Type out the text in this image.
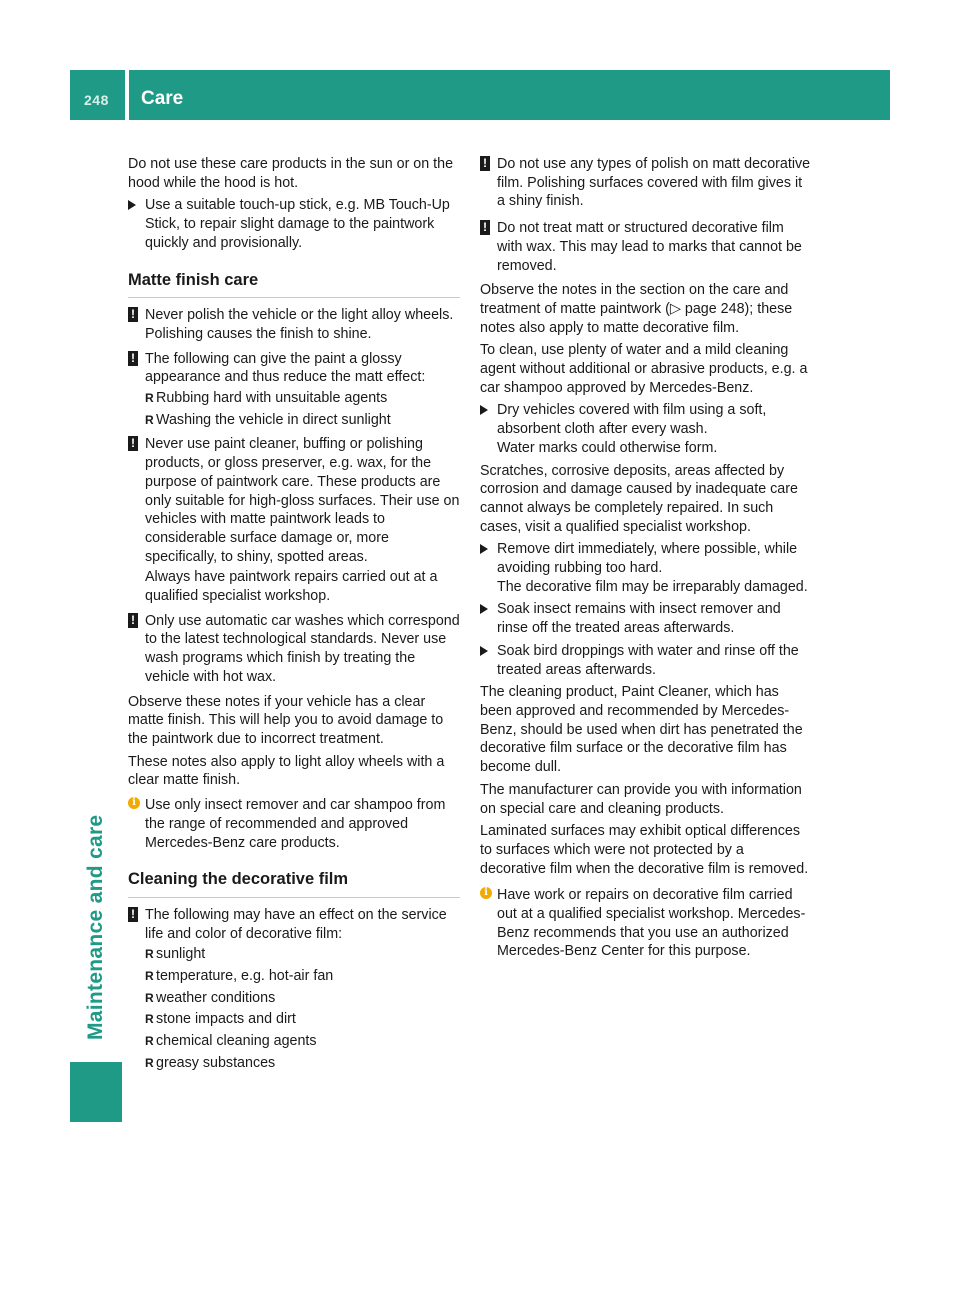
248 Care
Maintenance and care
Do not use these care products in the sun or on the hood while the hood is hot.
Use a suitable touch-up stick, e.g. MB Touch-Up Stick, to repair slight damage to the paintwork quickly and provisionally.
Matte finish care
! Never polish the vehicle or the light alloy wheels. Polishing causes the finish to shine.
! The following can give the paint a glossy appearance and thus reduce the matt effect:
R Rubbing hard with unsuitable agents
R Washing the vehicle in direct sunlight
! Never use paint cleaner, buffing or polishing products, or gloss preserver, e.g. wax, for the purpose of paintwork care. These products are only suitable for high-gloss surfaces. Their use on vehicles with matte paintwork leads to considerable surface damage or, more specifically, to shiny, spotted areas.
Always have paintwork repairs carried out at a qualified specialist workshop.
! Only use automatic car washes which correspond to the latest technological standards. Never use wash programs which finish by treating the vehicle with hot wax.
Observe these notes if your vehicle has a clear matte finish. This will help you to avoid damage to the paintwork due to incorrect treatment.
These notes also apply to light alloy wheels with a clear matte finish.
i Use only insect remover and car shampoo from the range of recommended and approved Mercedes-Benz care products.
Cleaning the decorative film
! The following may have an effect on the service life and color of decorative film:
R sunlight
R temperature, e.g. hot-air fan
R weather conditions
R stone impacts and dirt
R chemical cleaning agents
R greasy substances
! Do not use any types of polish on matt decorative film. Polishing surfaces covered with film gives it a shiny finish.
! Do not treat matt or structured decorative film with wax. This may lead to marks that cannot be removed.
Observe the notes in the section on the care and treatment of matte paintwork (▷ page 248); these notes also apply to matte decorative film.
To clean, use plenty of water and a mild cleaning agent without additional or abrasive products, e.g. a car shampoo approved by Mercedes-Benz.
Dry vehicles covered with film using a soft, absorbent cloth after every wash.
Water marks could otherwise form.
Scratches, corrosive deposits, areas affected by corrosion and damage caused by inadequate care cannot always be completely repaired. In such cases, visit a qualified specialist workshop.
Remove dirt immediately, where possible, while avoiding rubbing too hard.
The decorative film may be irreparably damaged.
Soak insect remains with insect remover and rinse off the treated areas afterwards.
Soak bird droppings with water and rinse off the treated areas afterwards.
The cleaning product, Paint Cleaner, which has been approved and recommended by Mercedes-Benz, should be used when dirt has penetrated the decorative film surface or the decorative film has become dull.
The manufacturer can provide you with information on special care and cleaning products.
Laminated surfaces may exhibit optical differences to surfaces which were not protected by a decorative film when the decorative film is removed.
i Have work or repairs on decorative film carried out at a qualified specialist workshop. Mercedes-Benz recommends that you use an authorized Mercedes-Benz Center for this purpose.
